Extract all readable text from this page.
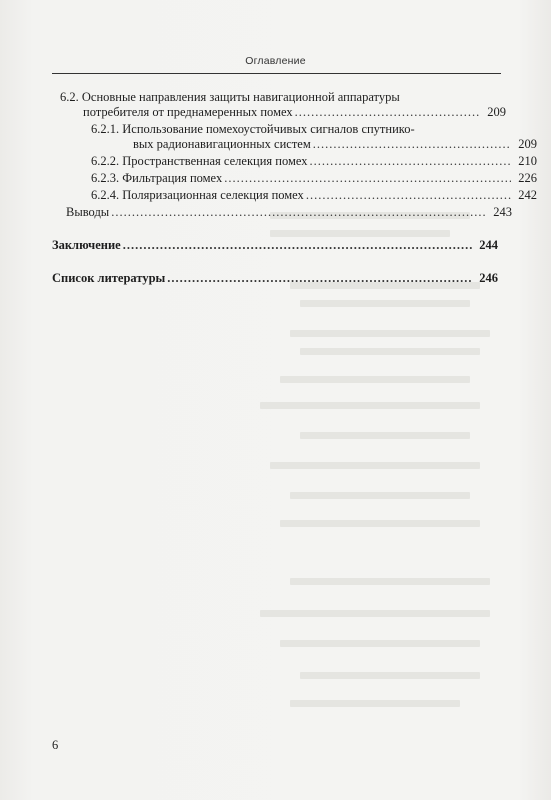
Оглавление
6.2. Основные направления защиты навигационной аппаратуры
потребителя от преднамеренных помех .....	209
6.2.1. Использование помехоустойчивых сигналов спутнико-
вых радионавигационных систем .....	209
6.2.2. Пространственная селекция помех .....	210
6.2.3. Фильтрация помех .....	226
6.2.4. Поляризационная селекция помех .....	242
Выводы .....	243
Заключение .....	244
Список литературы .....	246
6
